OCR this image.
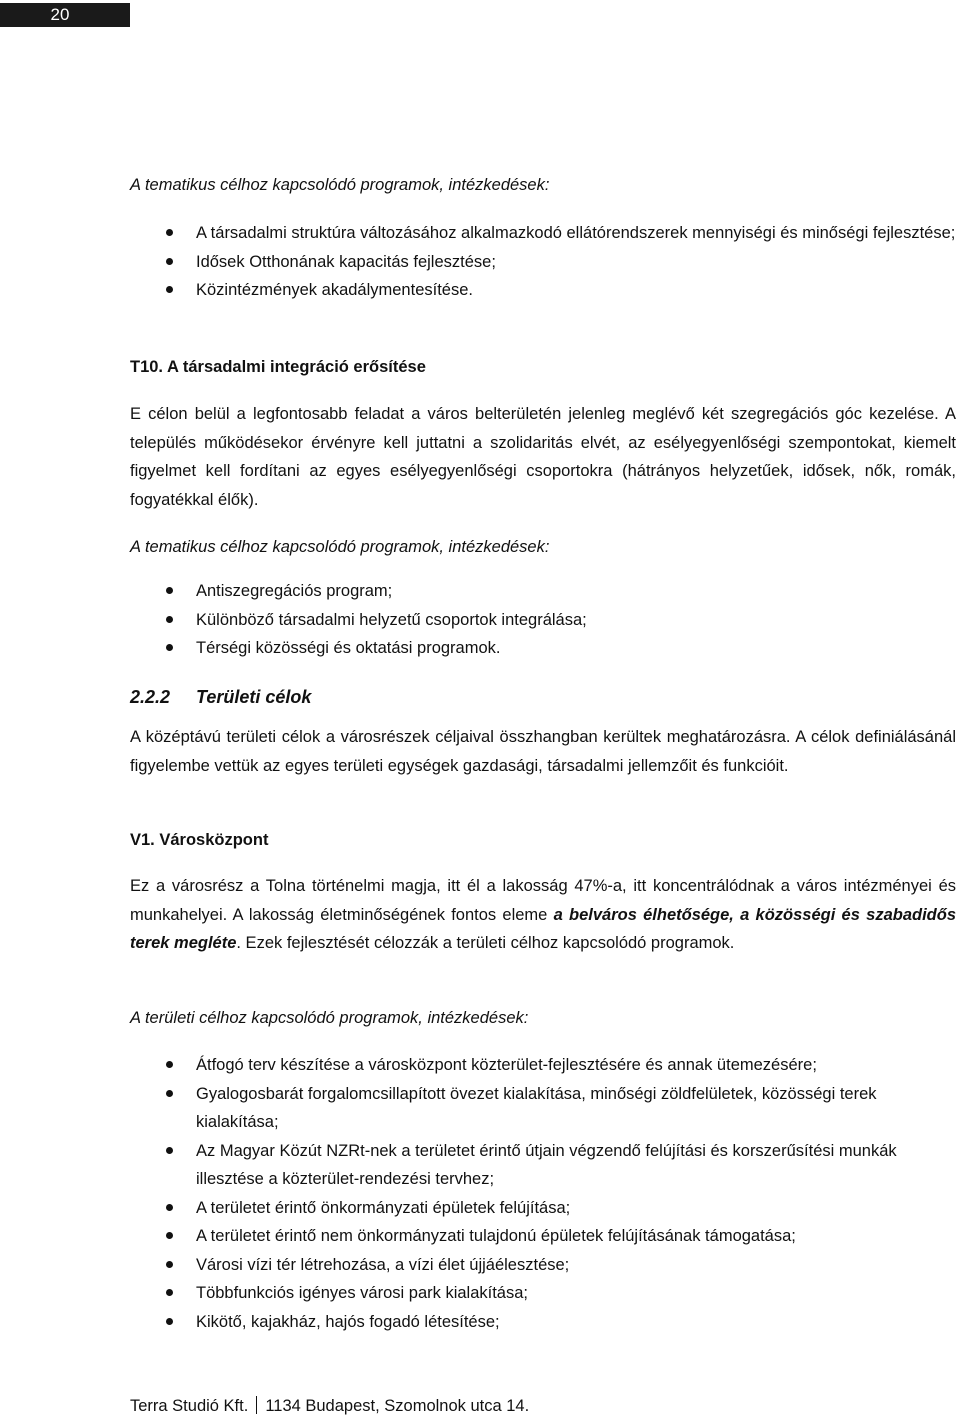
20
A tematikus célhoz kapcsolódó programok, intézkedések:
A társadalmi struktúra változásához alkalmazkodó ellátórendszerek mennyiségi és minőségi fejlesztése;
Idősek Otthonának kapacitás fejlesztése;
Közintézmények akadálymentesítése.
T10. A társadalmi integráció erősítése
E célon belül a legfontosabb feladat a város belterületén jelenleg meglévő két szegregációs góc kezelése. A település működésekor érvényre kell juttatni a szolidaritás elvét, az esélyegyenlőségi szempontokat, kiemelt figyelmet kell fordítani az egyes esélyegyenlőségi csoportokra (hátrányos helyzetűek, idősek, nők, romák, fogyatékkal élők).
A tematikus célhoz kapcsolódó programok, intézkedések:
Antiszegregációs program;
Különböző társadalmi helyzetű csoportok integrálása;
Térségi közösségi és oktatási programok.
2.2.2 Területi célok
A középtávú területi célok a városrészek céljaival összhangban kerültek meghatározásra. A célok definiálásánál figyelembe vettük az egyes területi egységek gazdasági, társadalmi jellemzőit és funkcióit.
V1. Városközpont
Ez a városrész a Tolna történelmi magja, itt él a lakosság 47%-a, itt koncentrálódnak a város intézményei és munkahelyei. A lakosság életminőségének fontos eleme a belváros élhetősége, a közösségi és szabadidős terek megléte. Ezek fejlesztését célozzák a területi célhoz kapcsolódó programok.
A területi célhoz kapcsolódó programok, intézkedések:
Átfogó terv készítése a városközpont közterület-fejlesztésére és annak ütemezésére;
Gyalogosbarát forgalomcsillapított övezet kialakítása, minőségi zöldfelületek, közösségi terek kialakítása;
Az Magyar Közút NZRt-nek a területet érintő útjain végzendő felújítási és korszerűsítési munkák illesztése a közterület-rendezési tervhez;
A területet érintő önkormányzati épületek felújítása;
A területet érintő nem önkormányzati tulajdonú épületek felújításának támogatása;
Városi vízi tér létrehozása, a vízi élet újjáélesztése;
Többfunkciós igényes városi park kialakítása;
Kikötő, kajakház, hajós fogadó létesítése;
Terra Studió Kft. 1134 Budapest, Szomolnok utca 14.
